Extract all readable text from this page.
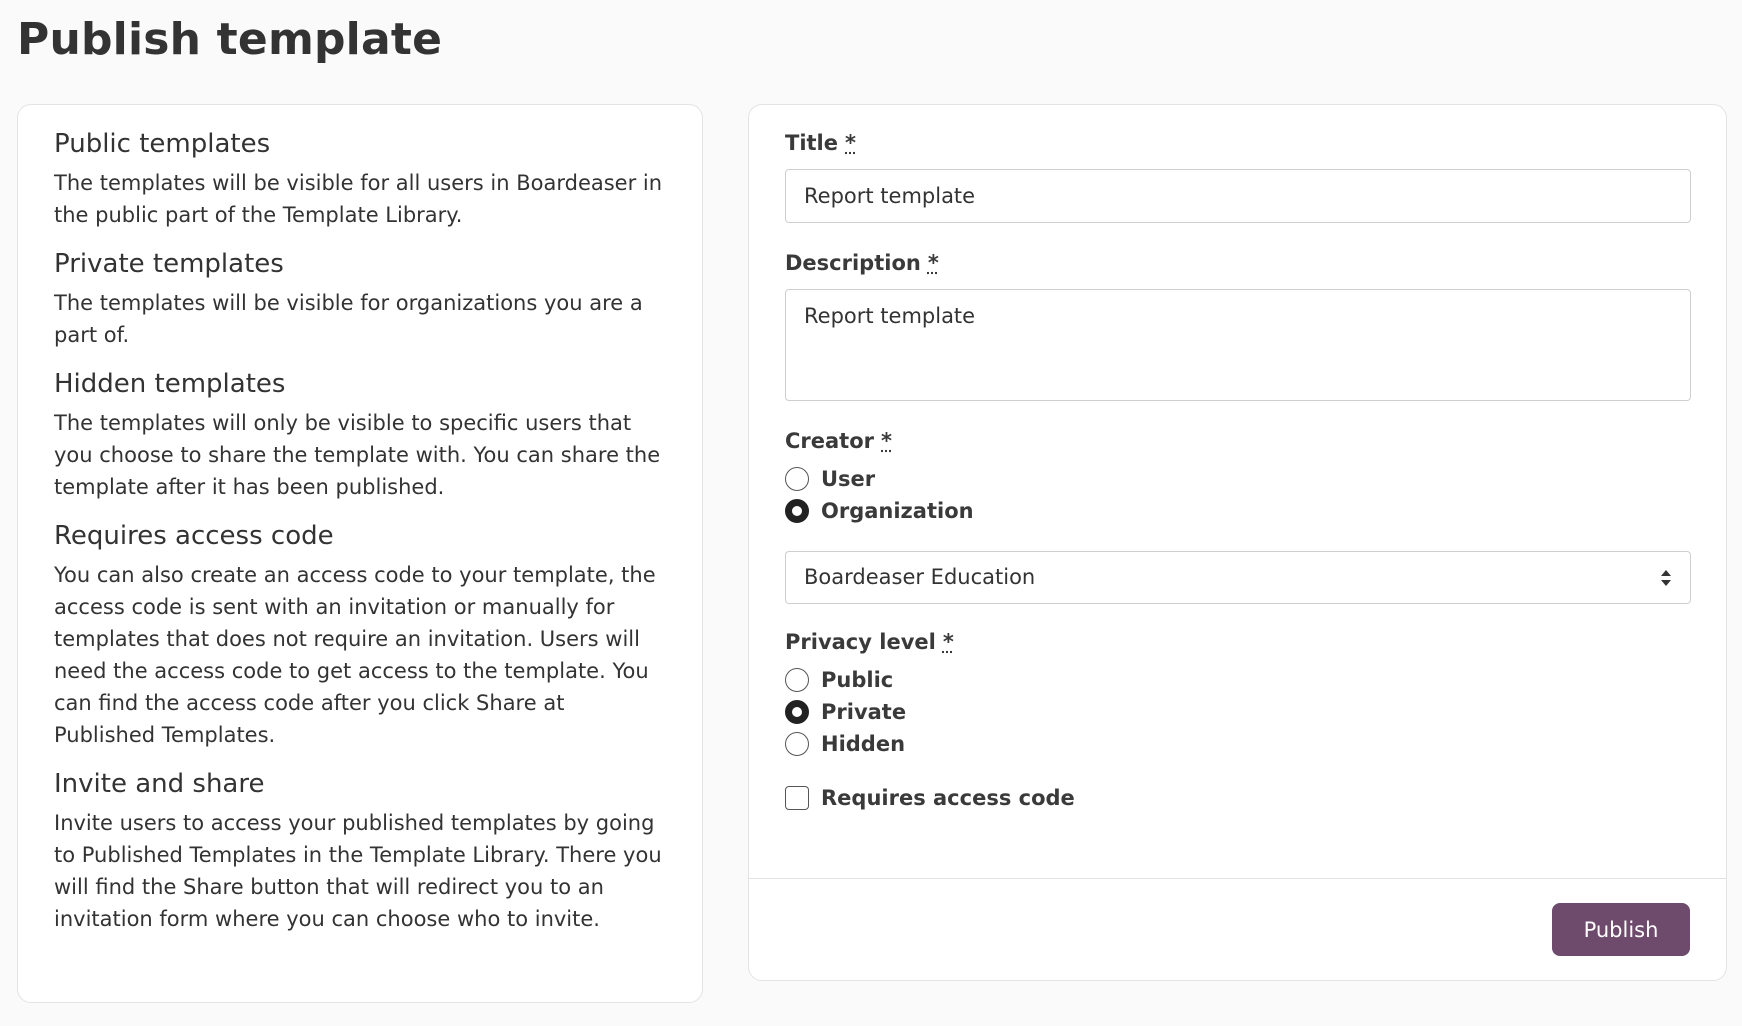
Publish template
Public templates

The templates will be visible for all users in Boardeaser in the public part of the Template Library.

Private templates

The templates will be visible for organizations you are a part of.

Hidden templates

The templates will only be visible to specific users that you choose to share the template with. You can share the template after it has been published.

Requires access code

You can also create an access code to your template, the access code is sent with an invitation or manually for templates that does not require an invitation. Users will need the access code to get access to the template. You can find the access code after you click Share at Published Templates.

Invite and share

Invite users to access your published templates by going to Published Templates in the Template Library. There you will find the Share button that will redirect you to an invitation form where you can choose who to invite.

Title *
Report template
Description *
Report template
Creator *
User
Organization
Boardeaser Education
Privacy level *
Public
Private
Hidden
Requires access code
Publish
